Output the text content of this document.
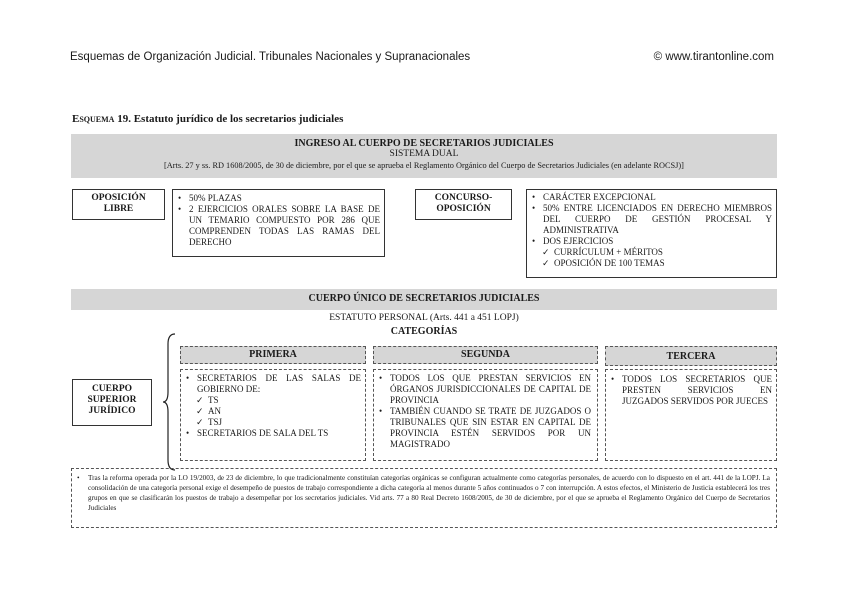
Esquemas de Organización Judicial. Tribunales Nacionales y Supranacionales	© www.tirantonline.com
Esquema 19. Estatuto jurídico de los secretarios judiciales
INGRESO AL CUERPO DE SECRETARIOS JUDICIALES
SISTEMA DUAL
[Arts. 27 y ss. RD 1608/2005, de 30 de diciembre, por el que se aprueba el Reglamento Orgánico del Cuerpo de Secretarios Judiciales (en adelante ROCSJ)]
OPOSICIÓN
LIBRE
• 50% PLAZAS
• 2 EJERCICIOS ORALES SOBRE LA BASE DE UN TEMARIO COMPUESTO POR 286 QUE COMPRENDEN TODAS LAS RAMAS DEL DERECHO
CONCURSO-
OPOSICIÓN
• CARÁCTER EXCEPCIONAL
• 50% ENTRE LICENCIADOS EN DERECHO MIEMBROS DEL CUERPO DE GESTIÓN PROCESAL Y ADMINISTRATIVA
• DOS EJERCICIOS
✓ CURRÍCULUM + MÉRITOS
✓ OPOSICIÓN DE 100 TEMAS
CUERPO ÚNICO DE SECRETARIOS JUDICIALES
ESTATUTO PERSONAL (Arts. 441 a 451 LOPJ)
CATEGORÍAS
CUERPO
SUPERIOR
JURÍDICO
PRIMERA	SEGUNDA	TERCERA
• SECRETARIOS DE LAS SALAS DE GOBIERNO DE:
✓ TS
✓ AN
✓ TSJ
• SECRETARIOS DE SALA DEL TS
• TODOS LOS QUE PRESTAN SERVICIOS EN ÓRGANOS JURISDICCIONALES DE CAPITAL DE PROVINCIA
• TAMBIÉN CUANDO SE TRATE DE JUZGADOS O TRIBUNALES QUE SIN ESTAR EN CAPITAL DE PROVINCIA ESTÉN SERVIDOS POR UN MAGISTRADO
• TODOS LOS SECRETARIOS QUE PRESTEN SERVICIOS EN JUZGADOS SERVIDOS POR JUECES
• Tras la reforma operada por la LO 19/2003, de 23 de diciembre, lo que tradicionalmente constituían categorías orgánicas se configuran actualmente como categorías personales, de acuerdo con lo dispuesto en el art. 441 de la LOPJ. La consolidación de una categoría personal exige el desempeño de puestos de trabajo correspondiente a dicha categoría al menos durante 5 años continuados o 7 con interrupción. A estos efectos, el Ministerio de Justicia establecerá los tres grupos en que se clasificarán los puestos de trabajo a desempeñar por los secretarios judiciales. Vid arts. 77 a 80 Real Decreto 1608/2005, de 30 de diciembre, por el que se aprueba el Reglamento Orgánico del Cuerpo de Secretarios Judiciales
